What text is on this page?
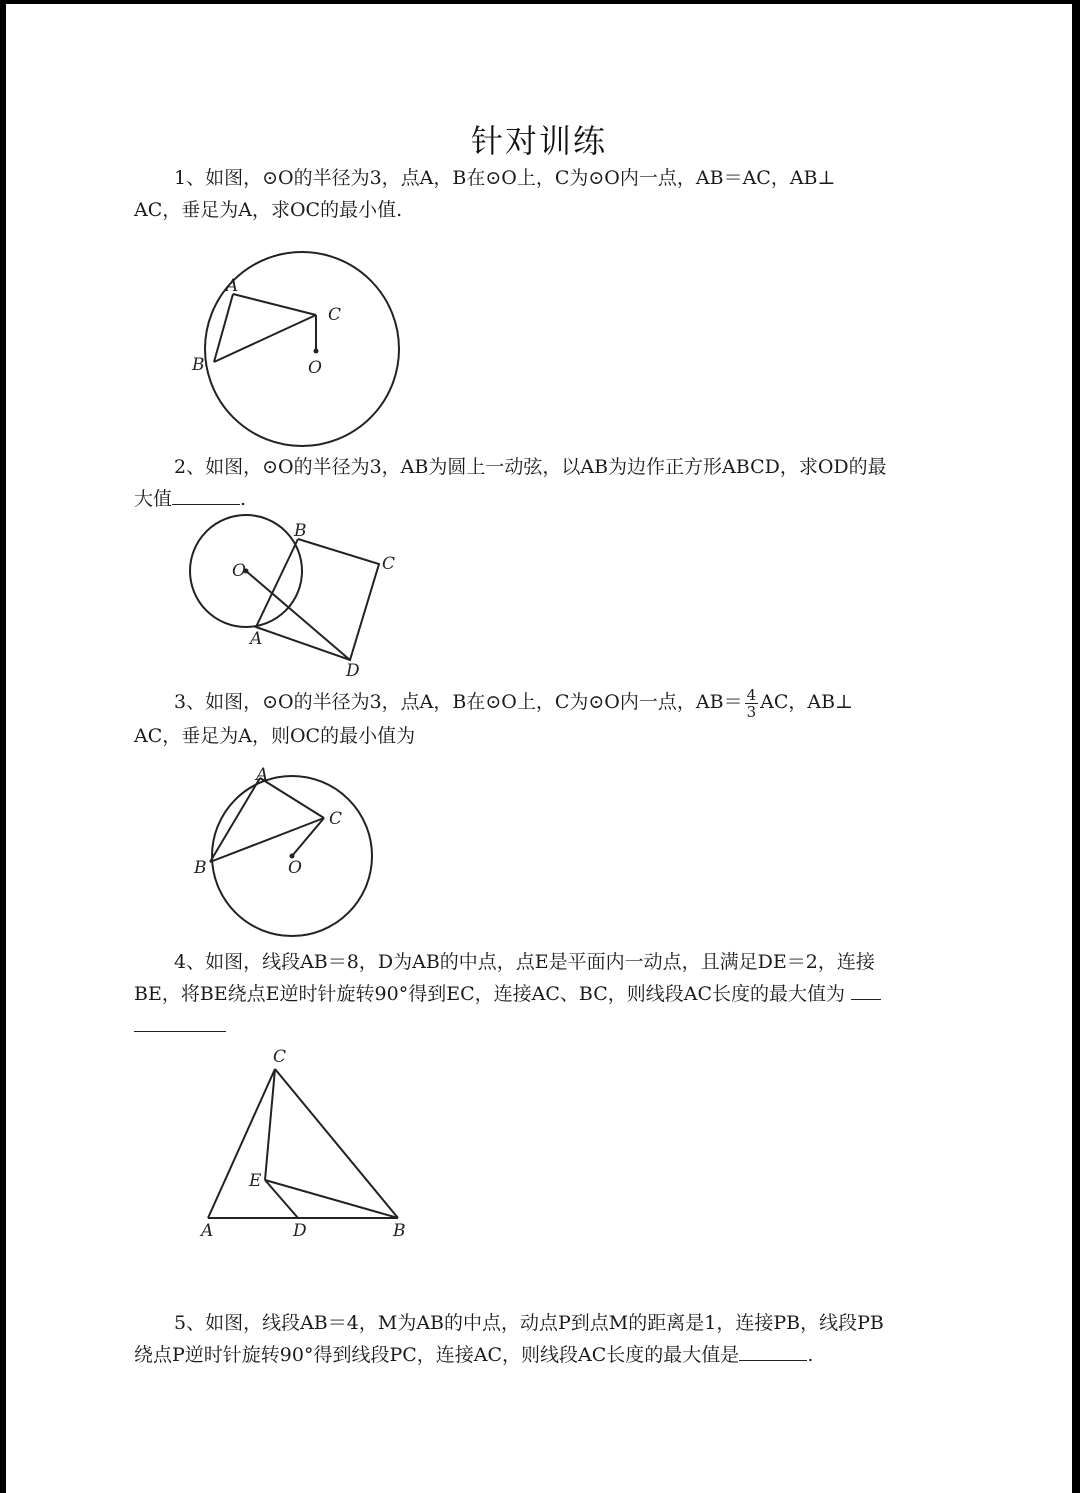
针对训练
1、如图，⊙O的半径为3，点A，B在⊙O上，C为⊙O内一点，AB＝AC，AB⊥
AC，垂足为A，求OC的最小值.
A
B
C
O
2、如图，⊙O的半径为3，AB为圆上一动弦，以AB为边作正方形ABCD，求OD的最
大值	.
O
B
C
A
D
3、如图，⊙O的半径为3，点A，B在⊙O上，C为⊙O内一点，$AB= \frac{4}{3}$ AC，AB⊥
AC，垂足为A，则OC的最小值为
A
B
C
O
4、如图，线段AB＝8，D为AB的中点，点E是平面内一动点，且满足DE＝2，连接
BE，将BE绕点E逆时针旋转90°得到EC，连接AC、BC，则线段AC长度的最大值为
C
E
A	D	B
5、如图，线段AB＝4，M为AB的中点，动点P到点M的距离是1，连接PB，线段PB
绕点P逆时针旋转90°得到线段PC，连接AC，则线段AC长度的最大值是	.
